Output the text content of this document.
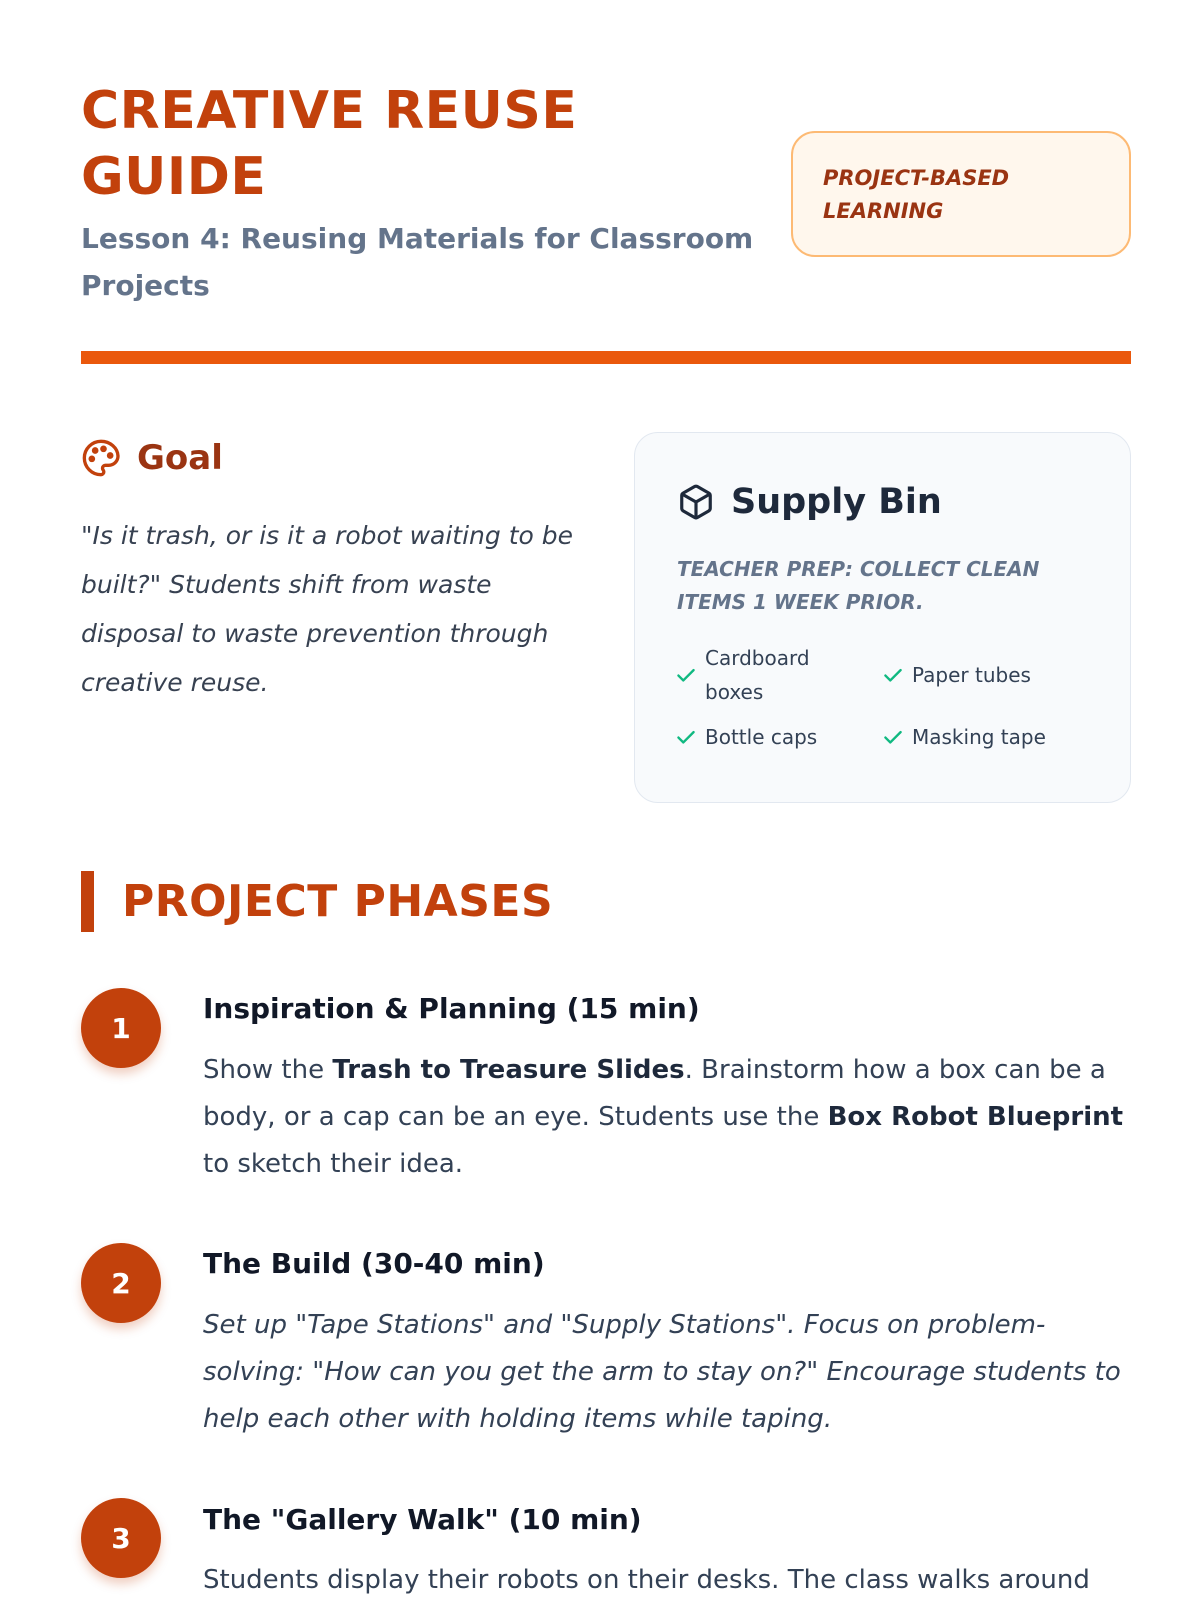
CREATIVE REUSE GUIDE
Lesson 4: Reusing Materials for Classroom Projects
PROJECT-BASED LEARNING
Goal

"Is it trash, or is it a robot waiting to be built?" Students shift from waste disposal to waste prevention through creative reuse.

Supply Bin

TEACHER PREP: COLLECT CLEAN ITEMS 1 WEEK PRIOR.

Cardboard boxes
Paper tubes
Bottle caps	Masking tape
PROJECT PHASES
1
Inspiration & Planning (15 min)

Show the Trash to Treasure Slides. Brainstorm how a box can be a body, or a cap can be an eye. Students use the Box Robot Blueprint to sketch their idea.

2
The Build (30-40 min)

Set up "Tape Stations" and "Supply Stations". Focus on problem-solving: "How can you get the arm to stay on?" Encourage students to help each other with holding items while taping.

3
The "Gallery Walk" (10 min)

Students display their robots on their desks. The class walks around
